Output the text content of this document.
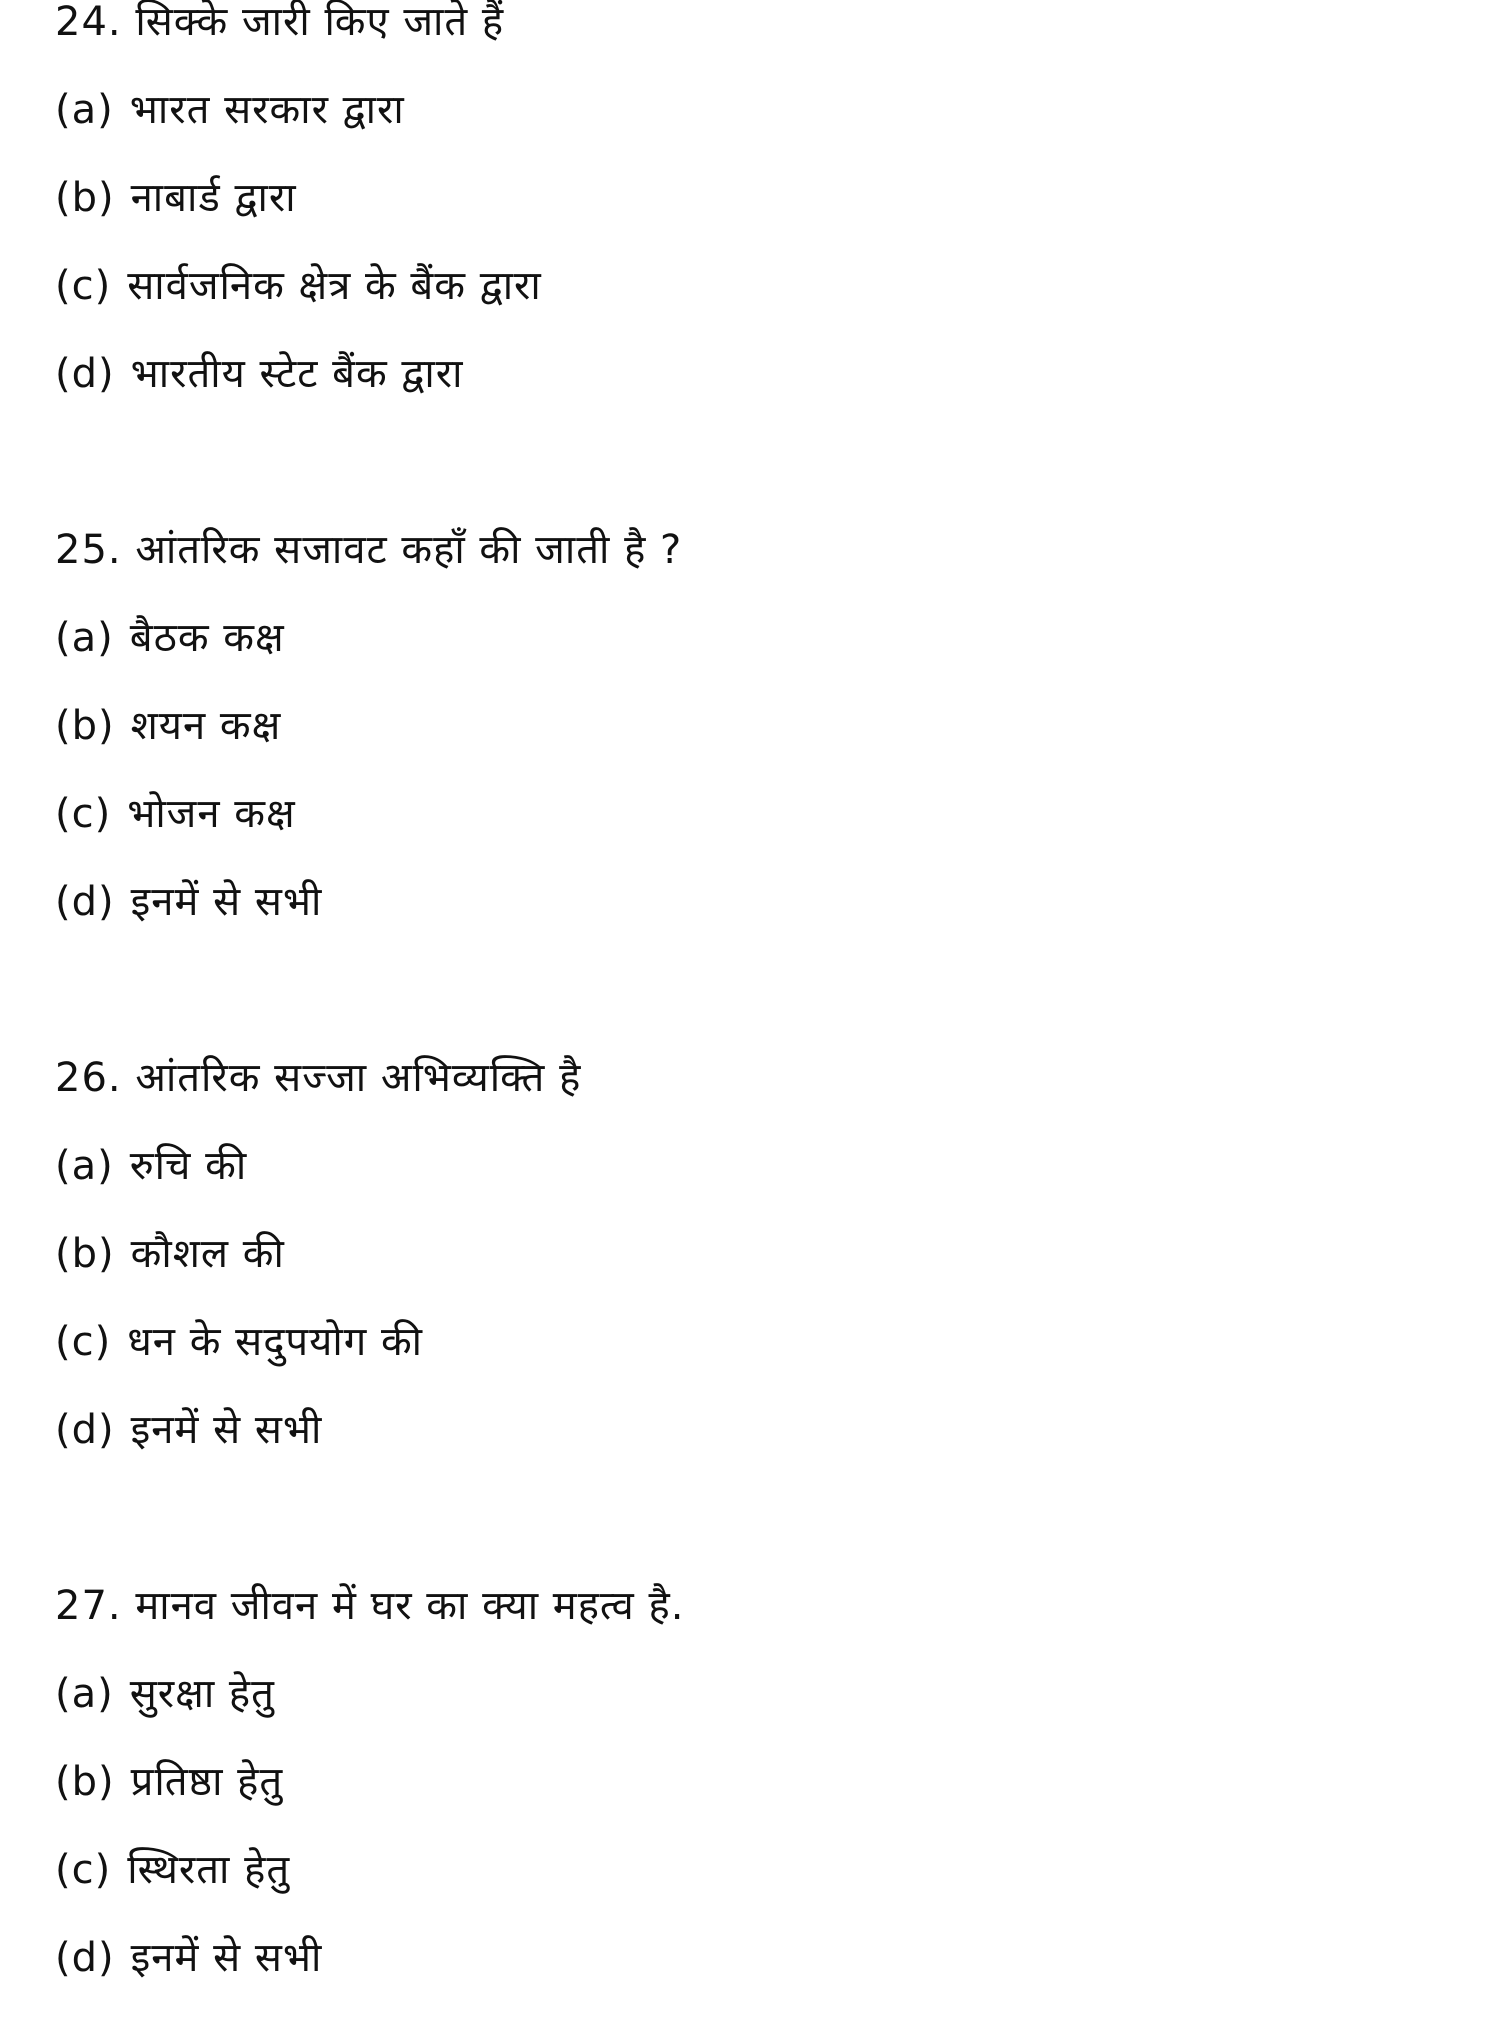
24. सिक्के जारी किए जाते हैं
(a) भारत सरकार द्वारा
(b) नाबार्ड द्वारा
(c) सार्वजनिक क्षेत्र के बैंक द्वारा
(d) भारतीय स्टेट बैंक द्वारा
25. आंतरिक सजावट कहाँ की जाती है ?
(a) बैठक कक्ष
(b) शयन कक्ष
(c) भोजन कक्ष
(d) इनमें से सभी
26. आंतरिक सज्जा अभिव्यक्ति है
(a) रुचि की
(b) कौशल की
(c) धन के सदुपयोग की
(d) इनमें से सभी
27. मानव जीवन में घर का क्या महत्व है.
(a) सुरक्षा हेतु
(b) प्रतिष्ठा हेतु
(c) स्थिरता हेतु
(d) इनमें से सभी
